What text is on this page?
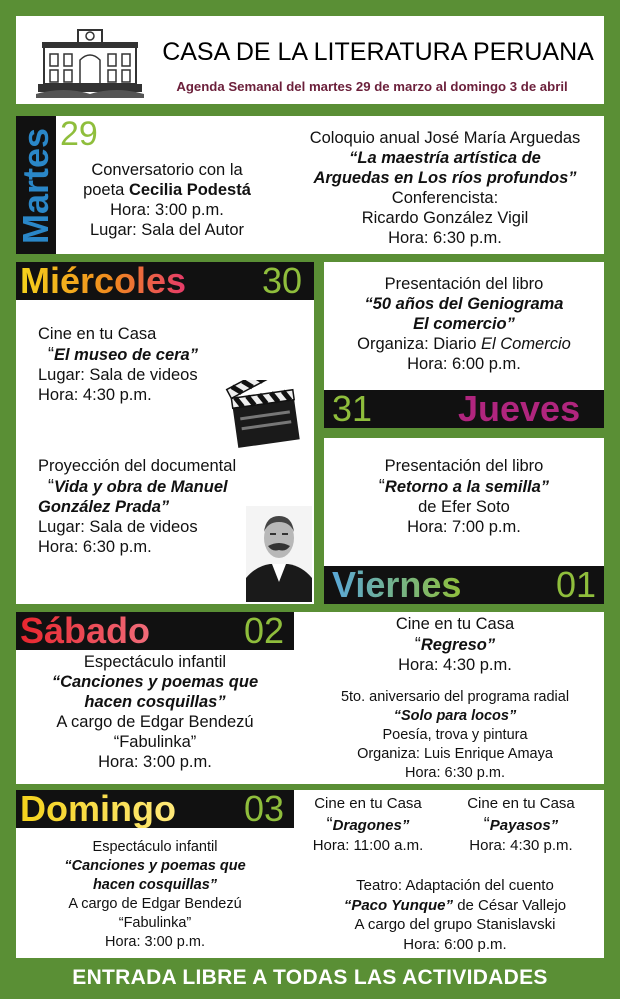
CASA DE LA LITERATURA PERUANA
Agenda Semanal del martes 29 de marzo al domingo 3 de abril
Martes 29
Conversatorio con la
poeta Cecilia Podestá
Hora: 3:00 p.m.
Lugar: Sala del Autor
Coloquio anual José María Arguedas
“La maestría artística de
Arguedas en Los ríos profundos”
Conferencista:
Ricardo González Vigil
Hora: 6:30 p.m.
Miércoles 30
Cine en tu Casa
“El museo de cera”
Lugar: Sala de videos
Hora: 4:30 p.m.
Proyección del documental
“Vida y obra de Manuel
González Prada”
Lugar: Sala de videos
Hora: 6:30 p.m.
Presentación del libro
“50 años del Geniograma
El comercio”
Organiza: Diario El Comercio
Hora: 6:00 p.m.
31 Jueves
Presentación del libro
“Retorno a la semilla”
de Efer Soto
Hora: 7:00 p.m.
Viernes	01
Sábado	02
Espectáculo infantil
“Canciones y poemas que
hacen cosquillas”
A cargo de Edgar Bendezú
“Fabulinka”
Hora: 3:00 p.m.
Cine en tu Casa
“Regreso”
Hora: 4:30 p.m.
5to. aniversario del programa radial
“Solo para locos”
Poesía, trova y pintura
Organiza: Luis Enrique Amaya
Hora: 6:30 p.m.
Domingo 03
Espectáculo infantil
“Canciones y poemas que
hacen cosquillas”
A cargo de Edgar Bendezú
“Fabulinka”
Hora: 3:00 p.m.
Cine en tu Casa
“Dragones”
Hora: 11:00 a.m.
Cine en tu Casa
“Payasos”
Hora: 4:30 p.m.
Teatro: Adaptación del cuento
“Paco Yunque” de César Vallejo
A cargo del grupo Stanislavski
Hora: 6:00 p.m.
ENTRADA LIBRE A TODAS LAS ACTIVIDADES
